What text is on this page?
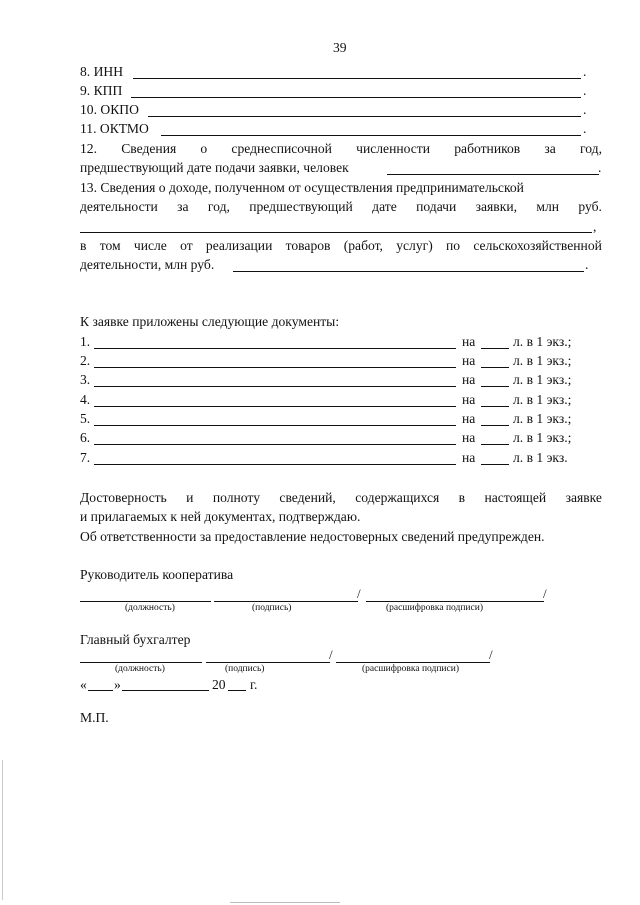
39
8. ИНН	.
9. КПП	.
10. ОКПО	.
11. ОКТМО	.
12. Сведения о среднесписочной численности работников за год,
предшествующий дате подачи заявки, человек	.
13. Сведения о доходе, полученном от осуществления предпринимательской
деятельности за год, предшествующий дате подачи заявки, млн руб.
,
в том числе от реализации товаров (работ, услуг) по сельскохозяйственной
деятельности, млн руб.	.
К заявке приложены следующие документы:
1.	на	л. в 1 экз.;
2.	на	л. в 1 экз.;
3.	на	л. в 1 экз.;
4.	на	л. в 1 экз.;
5.	на	л. в 1 экз.;
6.	на	л. в 1 экз.;
7.	на	л. в 1 экз.
Достоверность и полноту сведений, содержащихся в настоящей заявке
и прилагаемых к ней документах, подтверждаю.
Об ответственности за предоставление недостоверных сведений предупрежден.
Руководитель кооператива
/	/
(должность)	(подпись)	(расшифровка подписи)
Главный бухгалтер
/	/
(должность)	(подпись)	(расшифровка подписи)
« »	20 г.
М.П.
